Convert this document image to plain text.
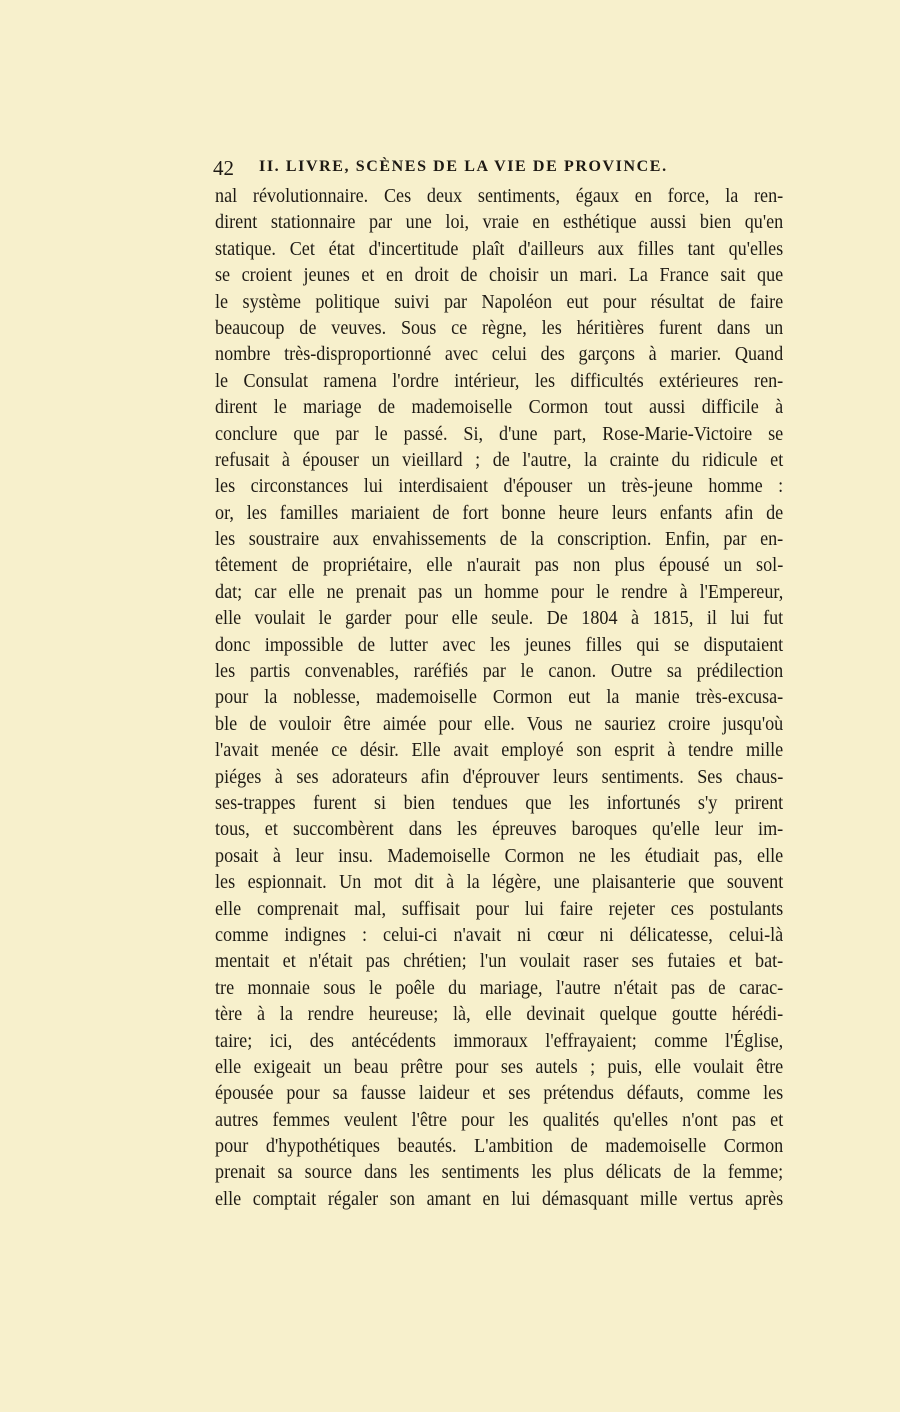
42 II. LIVRE, SCÈNES DE LA VIE DE PROVINCE.
nal révolutionnaire. Ces deux sentiments, égaux en force, la ren-
dirent stationnaire par une loi, vraie en esthétique aussi bien qu'en
statique. Cet état d'incertitude plaît d'ailleurs aux filles tant qu'elles
se croient jeunes et en droit de choisir un mari. La France sait que
le système politique suivi par Napoléon eut pour résultat de faire
beaucoup de veuves. Sous ce règne, les héritières furent dans un
nombre très-disproportionné avec celui des garçons à marier. Quand
le Consulat ramena l'ordre intérieur, les difficultés extérieures ren-
dirent le mariage de mademoiselle Cormon tout aussi difficile à
conclure que par le passé. Si, d'une part, Rose-Marie-Victoire se
refusait à épouser un vieillard ; de l'autre, la crainte du ridicule et
les circonstances lui interdisaient d'épouser un très-jeune homme :
or, les familles mariaient de fort bonne heure leurs enfants afin de
les soustraire aux envahissements de la conscription. Enfin, par en-
têtement de propriétaire, elle n'aurait pas non plus épousé un sol-
dat; car elle ne prenait pas un homme pour le rendre à l'Empereur,
elle voulait le garder pour elle seule. De 1804 à 1815, il lui fut
donc impossible de lutter avec les jeunes filles qui se disputaient
les partis convenables, raréfiés par le canon. Outre sa prédilection
pour la noblesse, mademoiselle Cormon eut la manie très-excusa-
ble de vouloir être aimée pour elle. Vous ne sauriez croire jusqu'où
l'avait menée ce désir. Elle avait employé son esprit à tendre mille
piéges à ses adorateurs afin d'éprouver leurs sentiments. Ses chaus-
ses-trappes furent si bien tendues que les infortunés s'y prirent
tous, et succombèrent dans les épreuves baroques qu'elle leur im-
posait à leur insu. Mademoiselle Cormon ne les étudiait pas, elle
les espionnait. Un mot dit à la légère, une plaisanterie que souvent
elle comprenait mal, suffisait pour lui faire rejeter ces postulants
comme indignes : celui-ci n'avait ni cœur ni délicatesse, celui-là
mentait et n'était pas chrétien; l'un voulait raser ses futaies et bat-
tre monnaie sous le poêle du mariage, l'autre n'était pas de carac-
tère à la rendre heureuse; là, elle devinait quelque goutte hérédi-
taire; ici, des antécédents immoraux l'effrayaient; comme l'Église,
elle exigeait un beau prêtre pour ses autels ; puis, elle voulait être
épousée pour sa fausse laideur et ses prétendus défauts, comme les
autres femmes veulent l'être pour les qualités qu'elles n'ont pas et
pour d'hypothétiques beautés. L'ambition de mademoiselle Cormon
prenait sa source dans les sentiments les plus délicats de la femme;
elle comptait régaler son amant en lui démasquant mille vertus après
